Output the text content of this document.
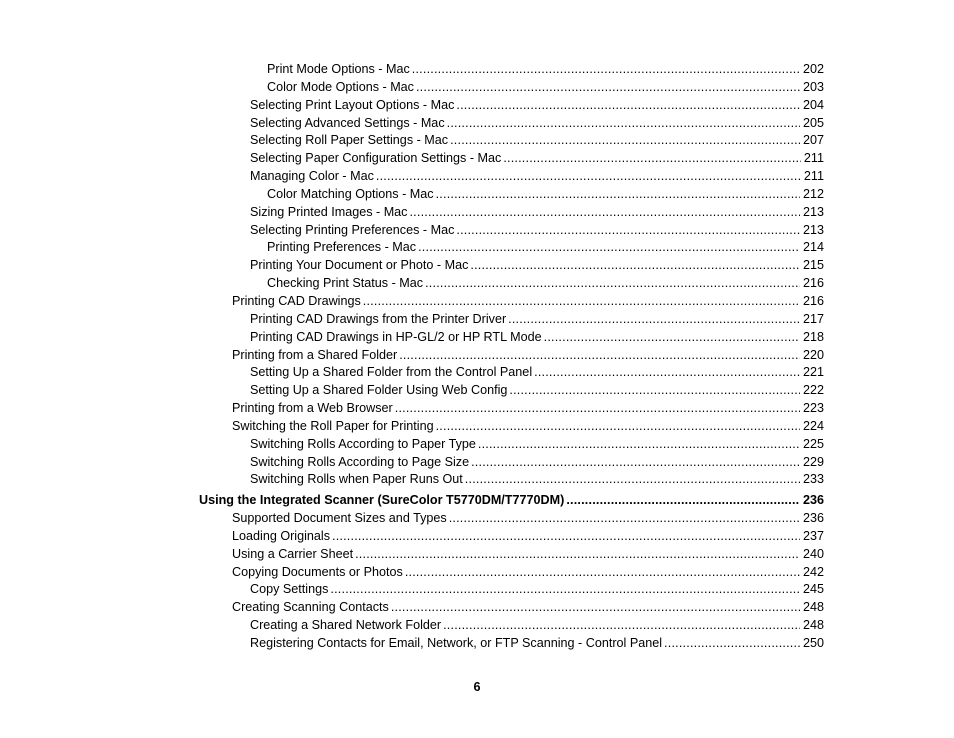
Print Mode Options - Mac .....	202
Color Mode Options - Mac .....	203
Selecting Print Layout Options - Mac .....	204
Selecting Advanced Settings - Mac .....	205
Selecting Roll Paper Settings - Mac .....	207
Selecting Paper Configuration Settings - Mac .....	211
Managing Color - Mac .....	211
Color Matching Options - Mac .....	212
Sizing Printed Images - Mac .....	213
Selecting Printing Preferences - Mac .....	213
Printing Preferences - Mac .....	214
Printing Your Document or Photo - Mac .....	215
Checking Print Status - Mac .....	216
Printing CAD Drawings .....	216
Printing CAD Drawings from the Printer Driver .....	217
Printing CAD Drawings in HP-GL/2 or HP RTL Mode .....	218
Printing from a Shared Folder .....	220
Setting Up a Shared Folder from the Control Panel .....	221
Setting Up a Shared Folder Using Web Config .....	222
Printing from a Web Browser .....	223
Switching the Roll Paper for Printing .....	224
Switching Rolls According to Paper Type .....	225
Switching Rolls According to Page Size .....	229
Switching Rolls when Paper Runs Out .....	233
Using the Integrated Scanner (SureColor T5770DM/T7770DM) .....	236
Supported Document Sizes and Types .....	236
Loading Originals .....	237
Using a Carrier Sheet .....	240
Copying Documents or Photos .....	242
Copy Settings .....	245
Creating Scanning Contacts .....	248
Creating a Shared Network Folder .....	248
Registering Contacts for Email, Network, or FTP Scanning - Control Panel .....	250
6
